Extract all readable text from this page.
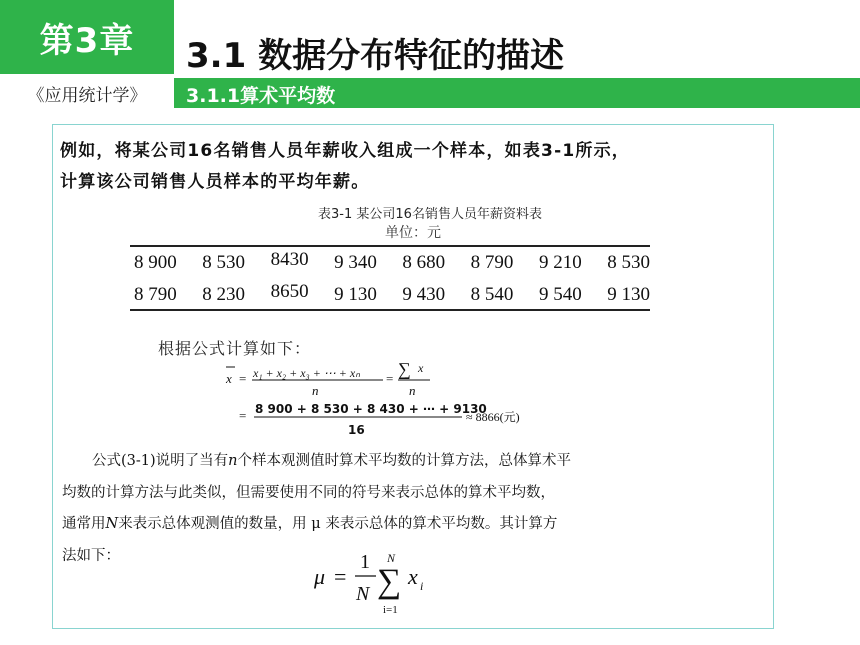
第3章	3.1 数据分布特征的描述
《应用统计学》	3.1.1算术平均数
例如，将某公司16名销售人员年薪收入组成一个样本，如表3-1所示，
计算该公司销售人员样本的平均年薪。
表3-1 某公司16名销售人员年薪资料表
单位：元
8 900 8 530 8430 9 340 8 680 8 790 9 210 8 530
8 790 8 230 8650 9 130 9 430 8 540 9 540 9 130
根据公式计算如下：
x = x₁ + x₂ + x₃ + ⋯ + xₙ
n
= ∑ x
n
= 8 900 + 8 530 + 8 430 + ⋯ + 9130
16
≈ 8866(元)
公式(3-1)说明了当有n个样本观测值时算术平均数的计算方法，总体算术平
均数的计算方法与此类似，但需要使用不同的符号来表示总体的算术平均数，
通常用N来表示总体观测值的数量，用 μ 来表示总体的算术平均数。其计算方
法如下：
μ =
1
N
N
∑
i=1
x i
